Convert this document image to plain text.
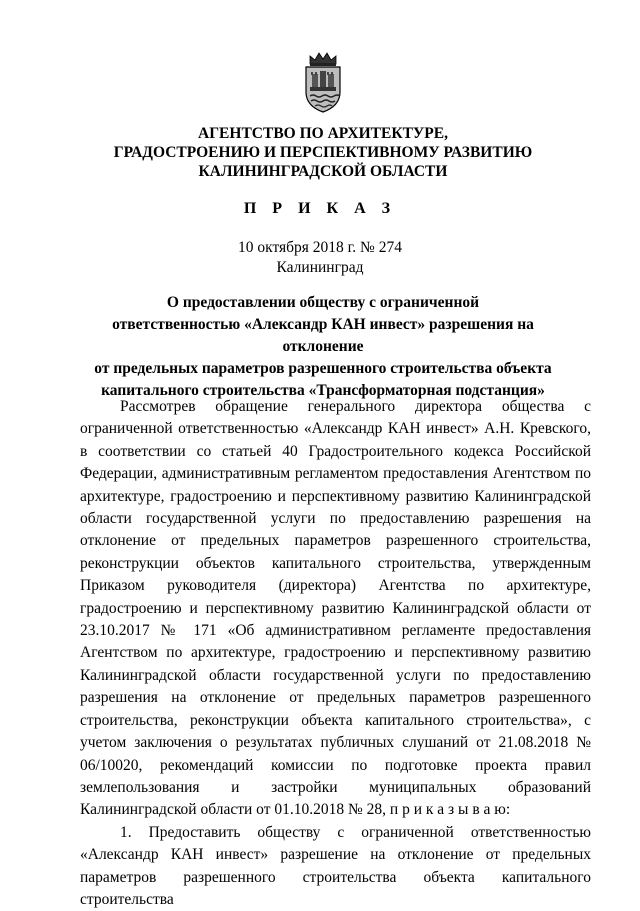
АГЕНТСТВО ПО АРХИТЕКТУРЕ,
ГРАДОСТРОЕНИЮ И ПЕРСПЕКТИВНОМУ РАЗВИТИЮ
КАЛИНИНГРАДСКОЙ ОБЛАСТИ
П Р И К А З
10 октября 2018 г. № 274
Калининград
О предоставлении обществу с ограниченной
ответственностью «Александр КАН инвест» разрешения на отклонение
от предельных параметров разрешенного строительства объекта
капитального строительства «Трансформаторная подстанция»

Рассмотрев обращение генерального директора общества с ограниченной ответственностью «Александр КАН инвест» А.Н. Кревского, в соответствии со статьей 40 Градостроительного кодекса Российской Федерации, административным регламентом предоставления Агентством по архитектуре, градостроению и перспективному развитию Калининградской области государственной услуги по предоставлению разрешения на отклонение от предельных параметров разрешенного строительства, реконструкции объектов капитального строительства, утвержденным Приказом руководителя (директора) Агентства по архитектуре, градостроению и перспективному развитию Калининградской области от 23.10.2017 № 171 «Об административном регламенте предоставления Агентством по архитектуре, градостроению и перспективному развитию Калининградской области государственной услуги по предоставлению разрешения на отклонение от предельных параметров разрешенного строительства, реконструкции объекта капитального строительства», с учетом заключения о результатах публичных слушаний от 21.08.2018 № 06/10020, рекомендаций комиссии по подготовке проекта правил землепользования и застройки муниципальных образований Калининградской области от 01.10.2018 № 28, п р и к а з ы в а ю:

1. Предоставить обществу с ограниченной ответственностью «Александр КАН инвест» разрешение на отклонение от предельных параметров разрешенного строительства объекта капитального строительства
